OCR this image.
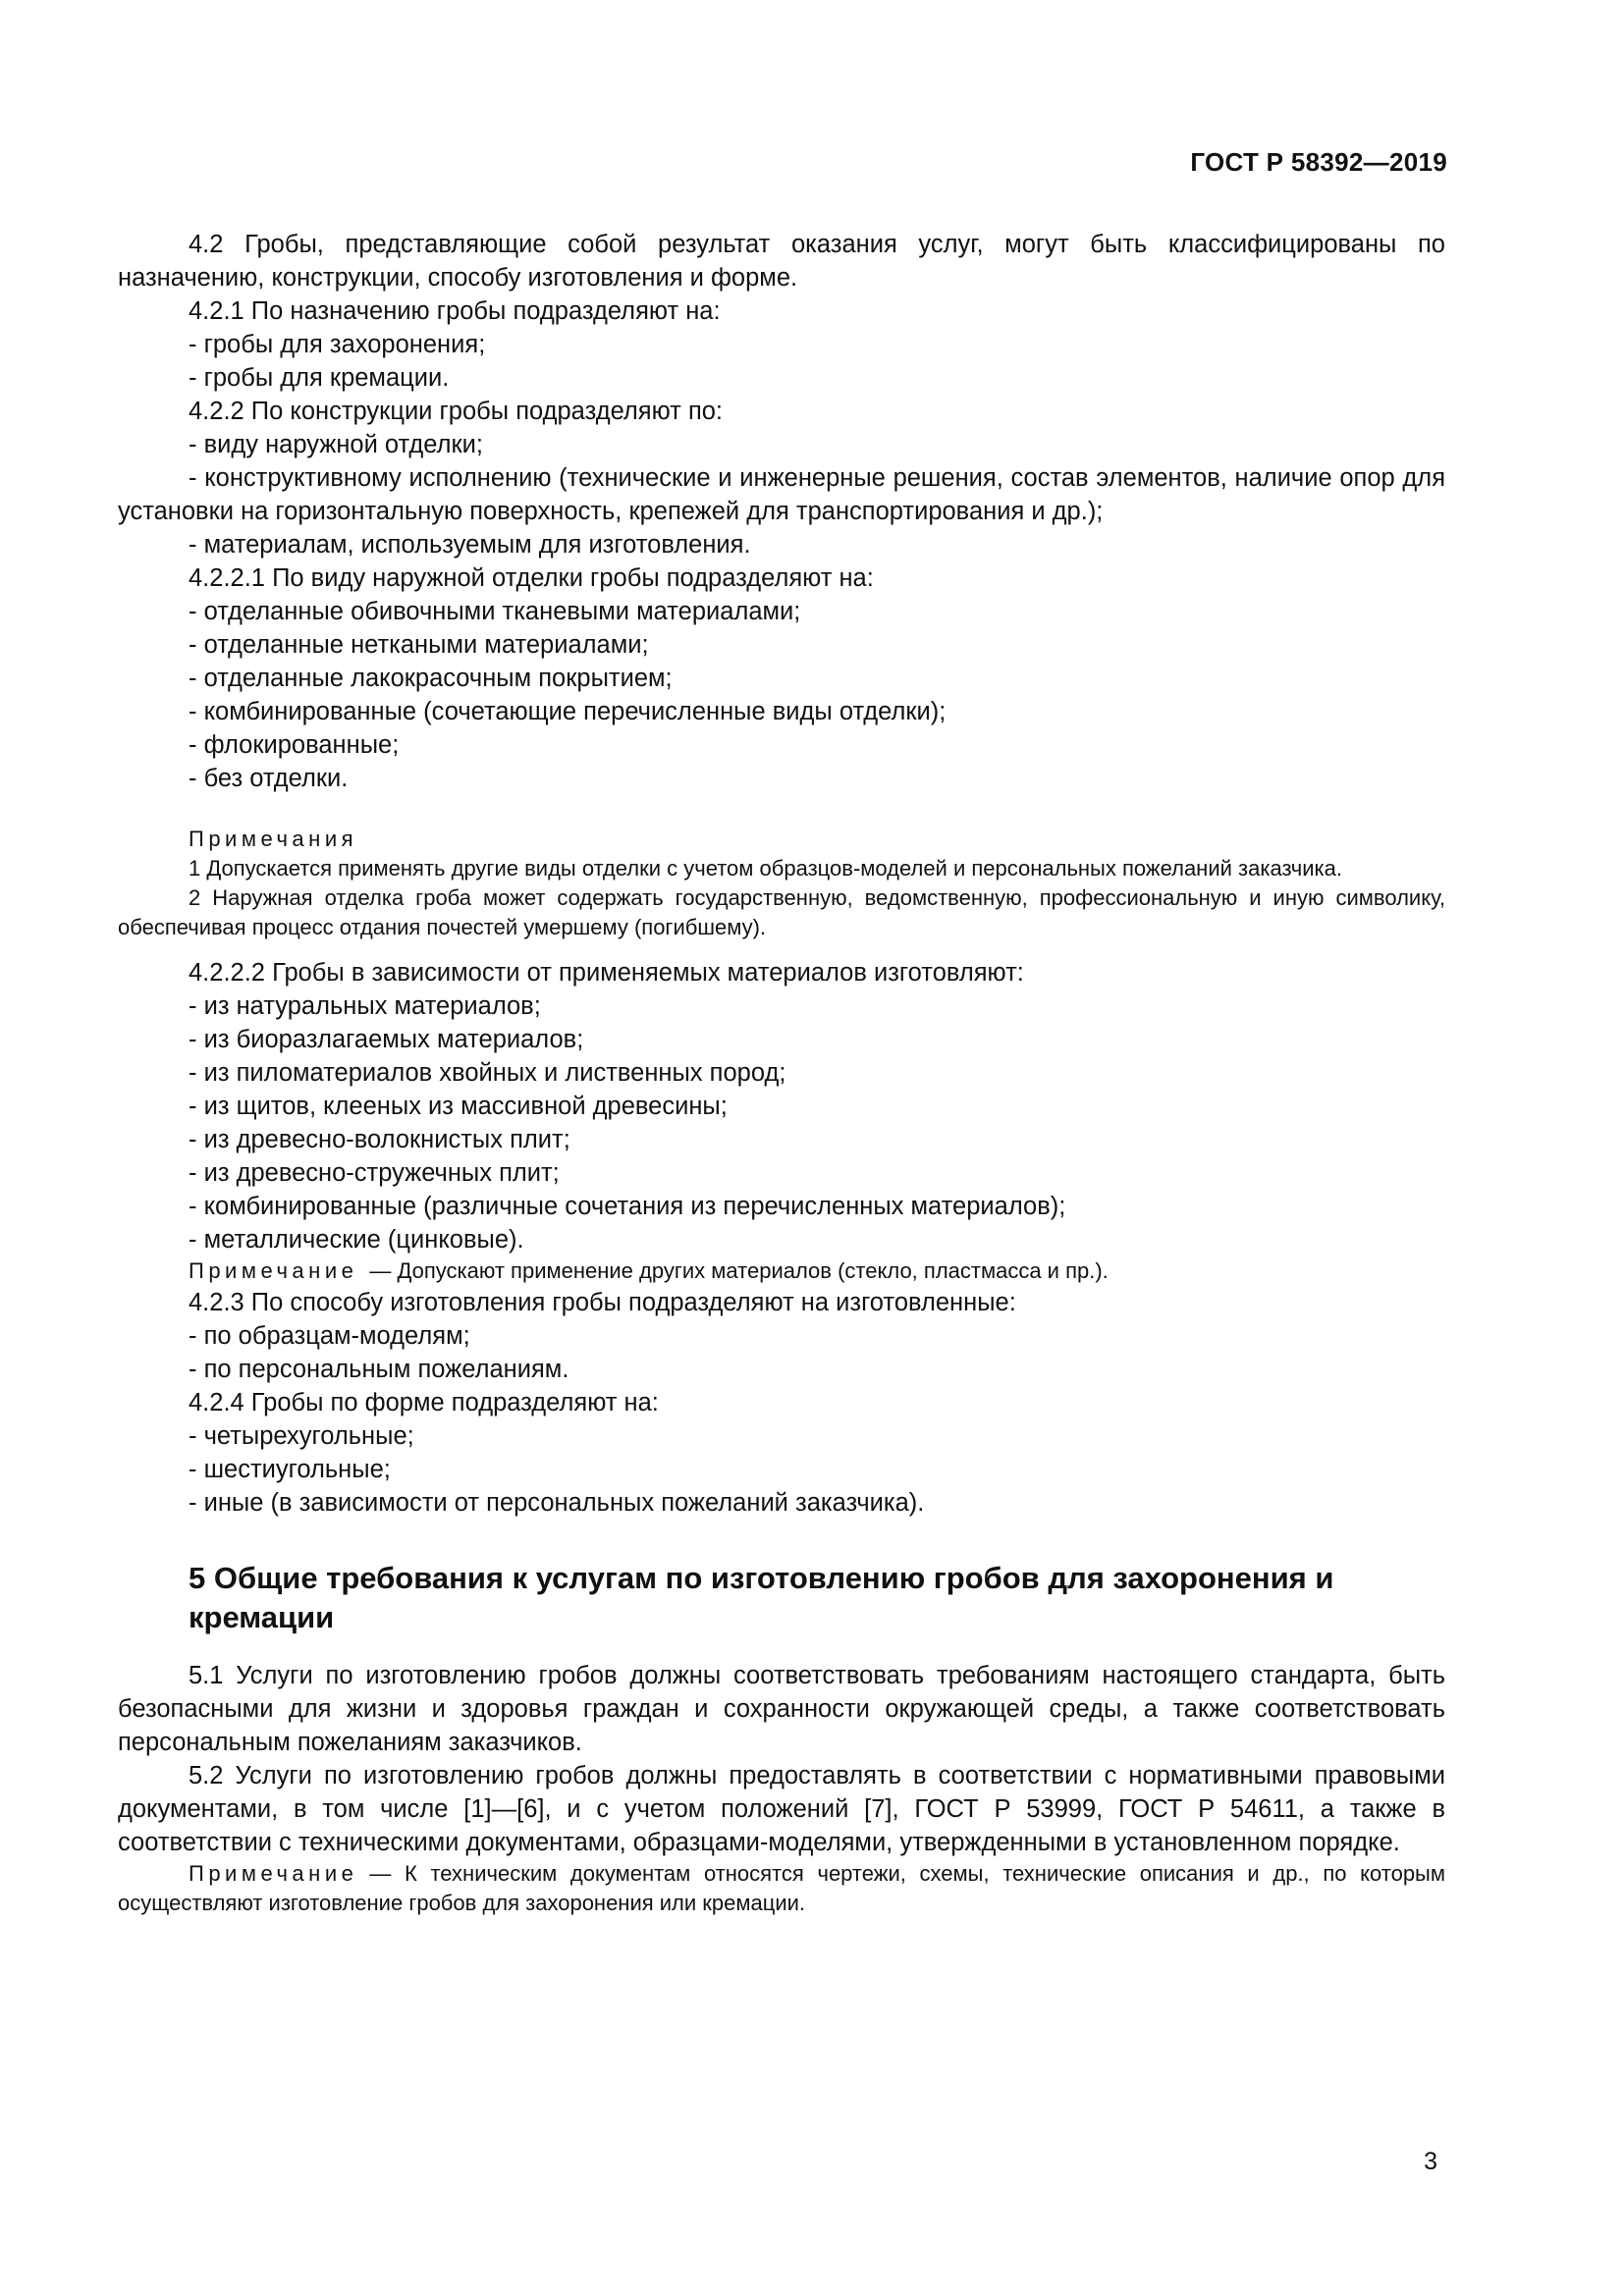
ГОСТ Р 58392—2019

4.2 Гробы, представляющие собой результат оказания услуг, могут быть классифицированы по назначению, конструкции, способу изготовления и форме.

4.2.1 По назначению гробы подразделяют на:

- гробы для захоронения;

- гробы для кремации.

4.2.2 По конструкции гробы подразделяют по:

- виду наружной отделки;

- конструктивному исполнению (технические и инженерные решения, состав элементов, наличие опор для установки на горизонтальную поверхность, крепежей для транспортирования и др.);

- материалам, используемым для изготовления.

4.2.2.1 По виду наружной отделки гробы подразделяют на:

- отделанные обивочными тканевыми материалами;

- отделанные неткаными материалами;

- отделанные лакокрасочным покрытием;

- комбинированные (сочетающие перечисленные виды отделки);

- флокированные;

- без отделки.

Примечания

1 Допускается применять другие виды отделки с учетом образцов-моделей и персональных пожеланий заказчика.

2 Наружная отделка гроба может содержать государственную, ведомственную, профессиональную и иную символику, обеспечивая процесс отдания почестей умершему (погибшему).

4.2.2.2 Гробы в зависимости от применяемых материалов изготовляют:

- из натуральных материалов;

- из биоразлагаемых материалов;

- из пиломатериалов хвойных и лиственных пород;

- из щитов, клееных из массивной древесины;

- из древесно-волокнистых плит;

- из древесно-стружечных плит;

- комбинированные (различные сочетания из перечисленных материалов);

- металлические (цинковые).

Примечание — Допускают применение других материалов (стекло, пластмасса и пр.).

4.2.3 По способу изготовления гробы подразделяют на изготовленные:

- по образцам-моделям;

- по персональным пожеланиям.

4.2.4 Гробы по форме подразделяют на:

- четырехугольные;

- шестиугольные;

- иные (в зависимости от персональных пожеланий заказчика).

5 Общие требования к услугам по изготовлению гробов для захоронения и кремации

5.1 Услуги по изготовлению гробов должны соответствовать требованиям настоящего стандарта, быть безопасными для жизни и здоровья граждан и сохранности окружающей среды, а также соответствовать персональным пожеланиям заказчиков.

5.2 Услуги по изготовлению гробов должны предоставлять в соответствии с нормативными правовыми документами, в том числе [1]—[6], и с учетом положений [7], ГОСТ Р 53999, ГОСТ Р 54611, а также в соответствии с техническими документами, образцами-моделями, утвержденными в установленном порядке.

Примечание — К техническим документам относятся чертежи, схемы, технические описания и др., по которым осуществляют изготовление гробов для захоронения или кремации.

3
